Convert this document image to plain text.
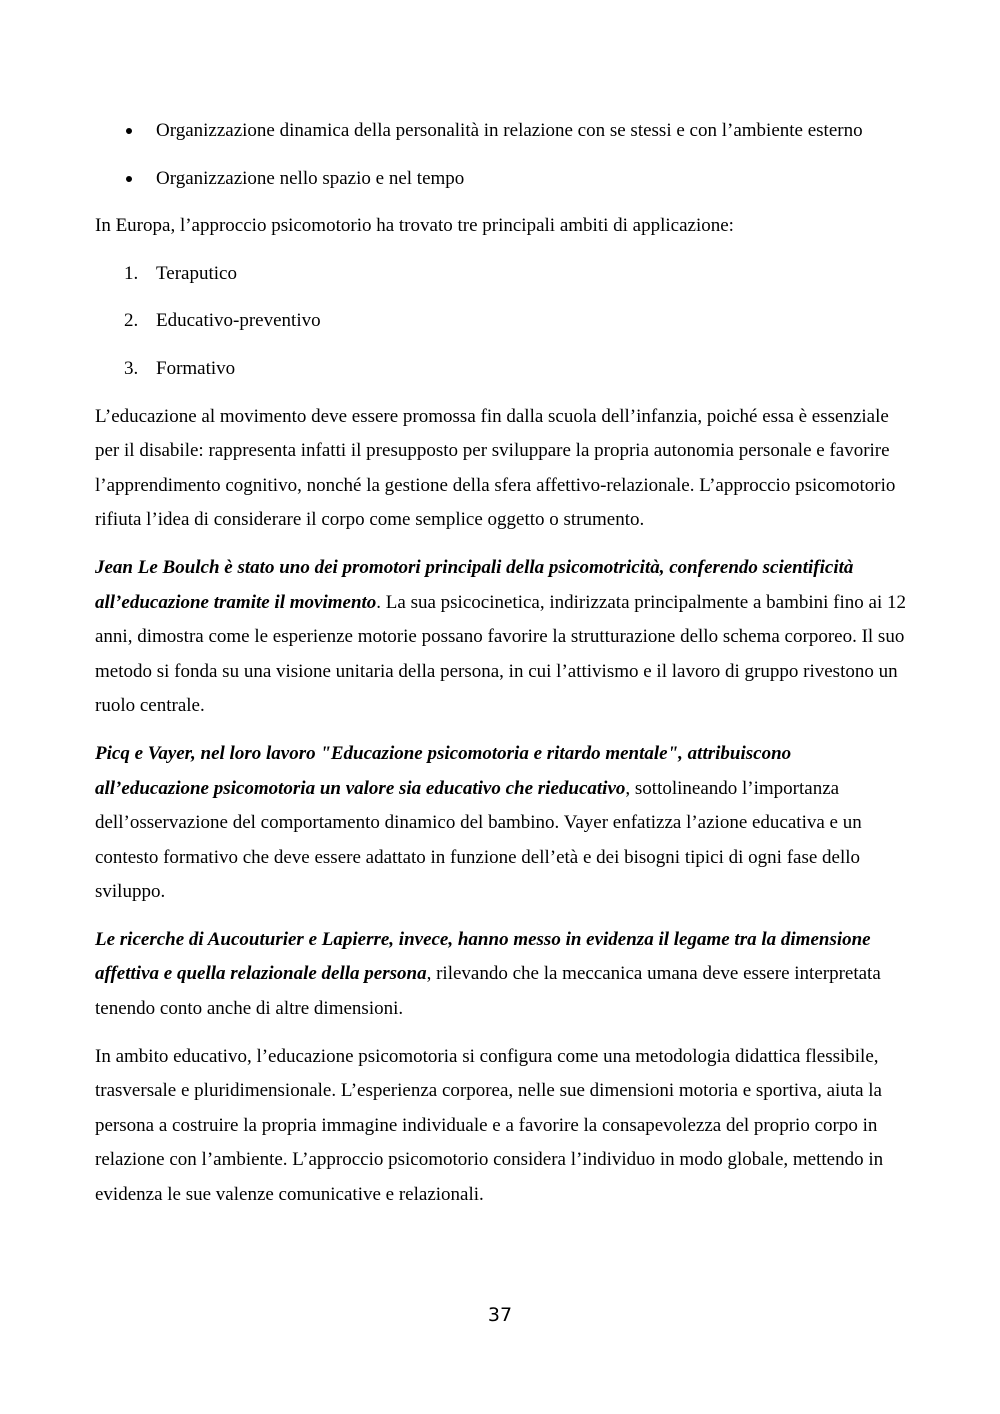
Organizzazione dinamica della personalità in relazione con se stessi e con l’ambiente esterno
Organizzazione nello spazio e nel tempo

In Europa, l’approccio psicomotorio ha trovato tre principali ambiti di applicazione:

1. Teraputico
2. Educativo-preventivo
3. Formativo

L’educazione al movimento deve essere promossa fin dalla scuola dell’infanzia, poiché essa è essenziale per il disabile: rappresenta infatti il presupposto per sviluppare la propria autonomia personale e favorire l’apprendimento cognitivo, nonché la gestione della sfera affettivo-relazionale. L’approccio psicomotorio rifiuta l’idea di considerare il corpo come semplice oggetto o strumento.

Jean Le Boulch è stato uno dei promotori principali della psicomotricità, conferendo scientificità all’educazione tramite il movimento. La sua psicocinetica, indirizzata principalmente a bambini fino ai 12 anni, dimostra come le esperienze motorie possano favorire la strutturazione dello schema corporeo. Il suo metodo si fonda su una visione unitaria della persona, in cui l’attivismo e il lavoro di gruppo rivestono un ruolo centrale.

Picq e Vayer, nel loro lavoro "Educazione psicomotoria e ritardo mentale", attribuiscono all’educazione psicomotoria un valore sia educativo che rieducativo, sottolineando l’importanza dell’osservazione del comportamento dinamico del bambino. Vayer enfatizza l’azione educativa e un contesto formativo che deve essere adattato in funzione dell’età e dei bisogni tipici di ogni fase dello sviluppo.

Le ricerche di Aucouturier e Lapierre, invece, hanno messo in evidenza il legame tra la dimensione affettiva e quella relazionale della persona, rilevando che la meccanica umana deve essere interpretata tenendo conto anche di altre dimensioni.

In ambito educativo, l’educazione psicomotoria si configura come una metodologia didattica flessibile, trasversale e pluridimensionale. L’esperienza corporea, nelle sue dimensioni motoria e sportiva, aiuta la persona a costruire la propria immagine individuale e a favorire la consapevolezza del proprio corpo in relazione con l’ambiente. L’approccio psicomotorio considera l’individuo in modo globale, mettendo in evidenza le sue valenze comunicative e relazionali.

37
